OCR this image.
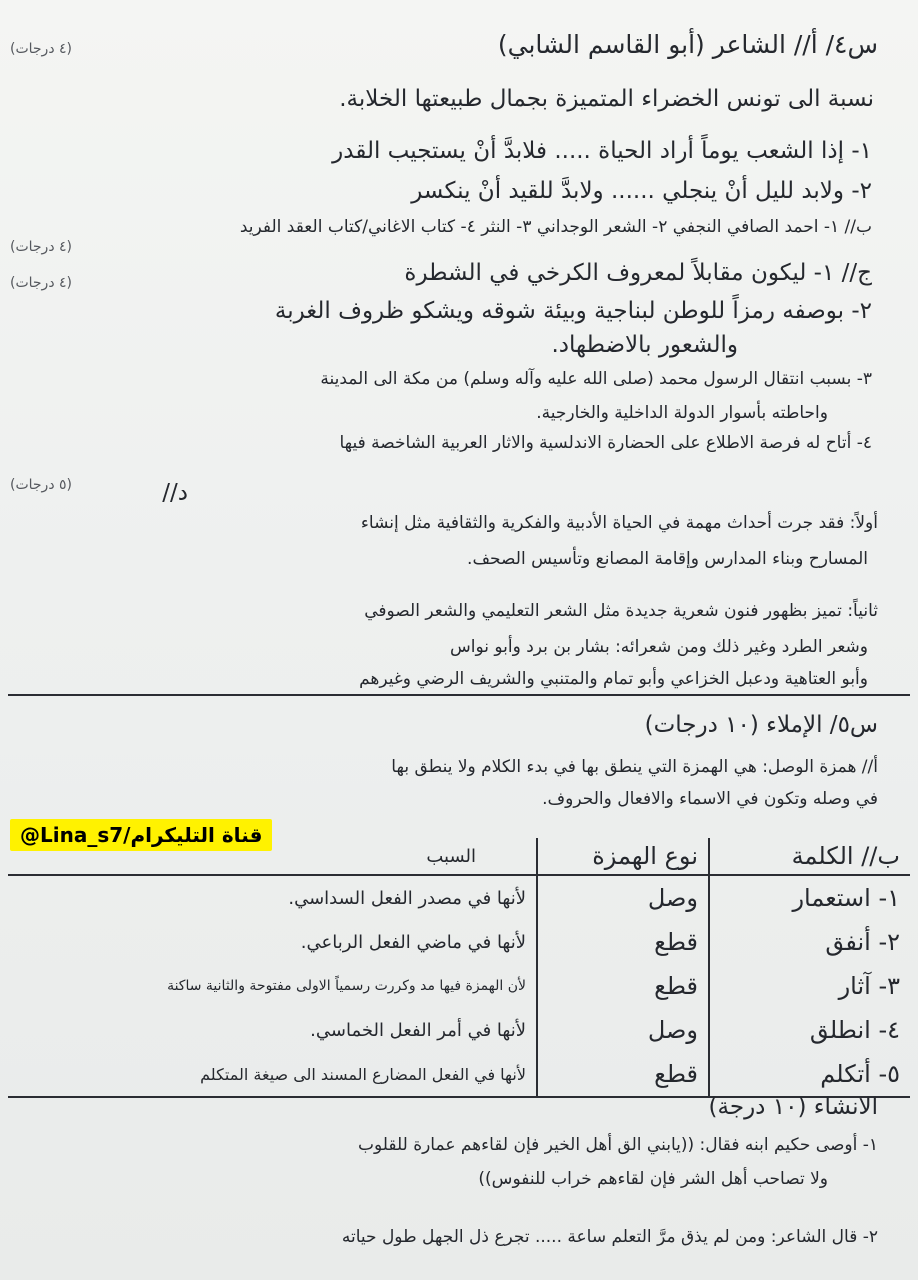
(٤ درجات)	س٤/ أ// الشاعر (أبو القاسم الشابي)
نسبة الى تونس الخضراء المتميزة بجمال طبيعتها الخلابة.
١- إذا الشعب يوماً أراد الحياة ..... فلابدَّ أنْ يستجيب القدر
٢- ولابد لليل أنْ ينجلي ...... ولابدَّ للقيد أنْ ينكسر
(٤ درجات)
ب// ١- احمد الصافي النجفي ٢- الشعر الوجداني ٣- النثر ٤- كتاب الاغاني/كتاب العقد الفريد
(٤ درجات)	ج// ١- ليكون مقابلاً لمعروف الكرخي في الشطرة
٢- بوصفه رمزاً للوطن لبناجية وبيئة شوقه ويشكو ظروف الغربة
والشعور بالاضطهاد.
٣- بسبب انتقال الرسول محمد (صلى الله عليه وآله وسلم) من مكة الى المدينة
واحاطته بأسوار الدولة الداخلية والخارجية.
٤- أتاح له فرصة الاطلاع على الحضارة الاندلسية والاثار العربية الشاخصة فيها
(٥ درجات)	د//
أولاً: فقد جرت أحداث مهمة في الحياة الأدبية والفكرية والثقافية مثل إنشاء
المسارح وبناء المدارس وإقامة المصانع وتأسيس الصحف.
ثانياً: تميز بظهور فنون شعرية جديدة مثل الشعر التعليمي والشعر الصوفي
وشعر الطرد وغير ذلك ومن شعرائه: بشار بن برد وأبو نواس
وأبو العتاهية ودعبل الخزاعي وأبو تمام والمتنبي والشريف الرضي وغيرهم
س٥/ الإملاء (١٠ درجات)
أ// همزة الوصل: هي الهمزة التي ينطق بها في بدء الكلام ولا ينطق بها
في وصله وتكون في الاسماء والافعال والحروف.
@Lina_s7/قناة التليكرام
ب// الكلمة	نوع الهمزة	السبب
١- استعمار	وصل	لأنها في مصدر الفعل السداسي.
٢- أنفق	قطع	لأنها في ماضي الفعل الرباعي.
٣- آثار	قطع	لأن الهمزة فيها مد وكررت رسمياً الاولى مفتوحة والثانية ساكنة
٤- انطلق	وصل	لأنها في أمر الفعل الخماسي.
٥- أتكلم	قطع	لأنها في الفعل المضارع المسند الى صيغة المتكلم
الانشاء (١٠ درجة)
١- أوصى حكيم ابنه فقال: ((يابني الق أهل الخير فإن لقاءهم عمارة للقلوب
ولا تصاحب أهل الشر فإن لقاءهم خراب للنفوس))
٢- قال الشاعر: ومن لم يذق مرَّ التعلم ساعة ..... تجرع ذل الجهل طول حياته
